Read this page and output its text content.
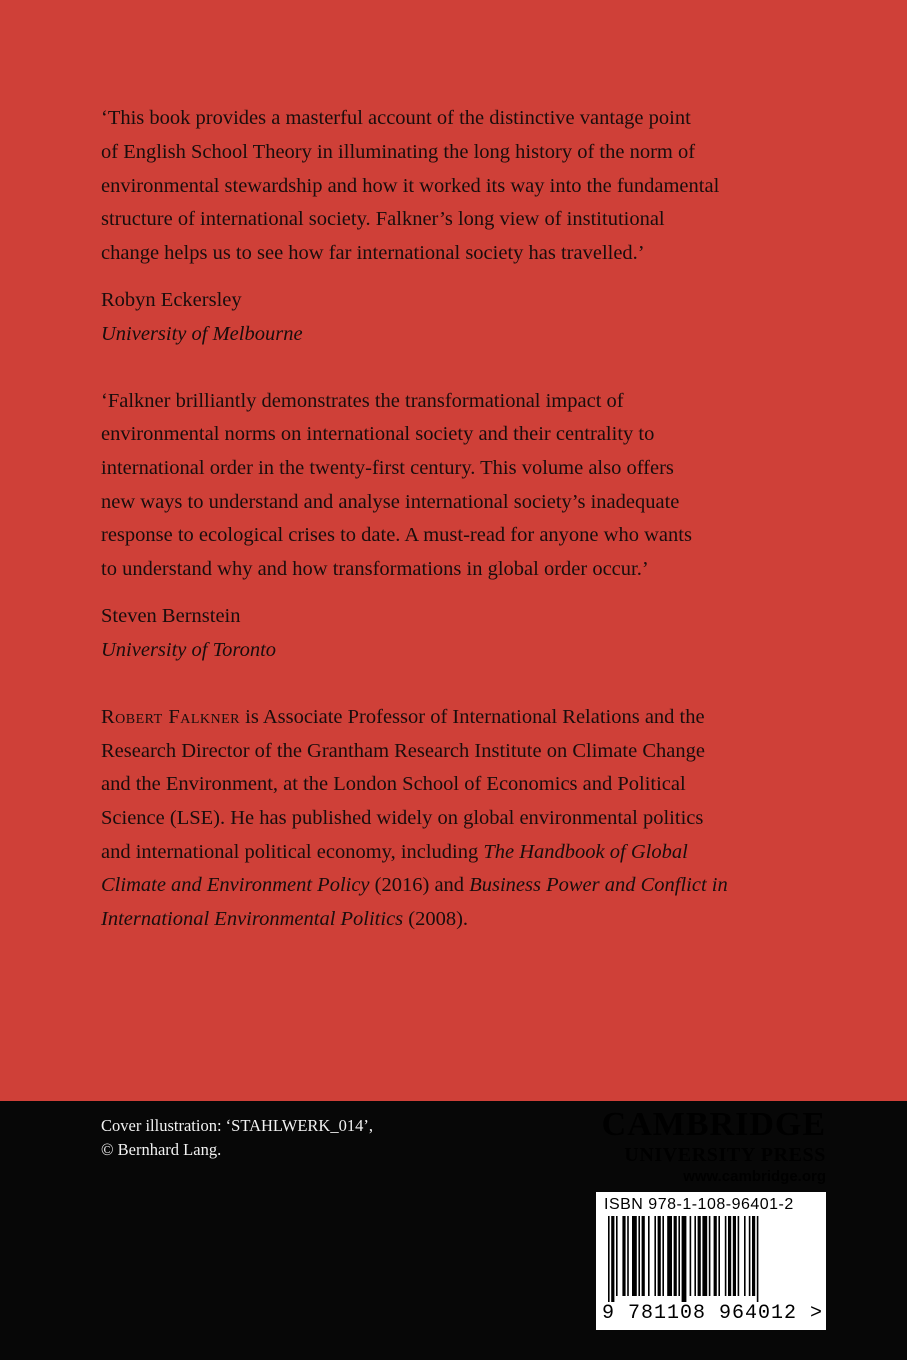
‘This book provides a masterful account of the distinctive vantage point
of English School Theory in illuminating the long history of the norm of
environmental stewardship and how it worked its way into the fundamental
structure of international society. Falkner’s long view of institutional
change helps us to see how far international society has travelled.’
Robyn Eckersley
University of Melbourne
‘Falkner brilliantly demonstrates the transformational impact of
environmental norms on international society and their centrality to
international order in the twenty-first century. This volume also offers
new ways to understand and analyse international society’s inadequate
response to ecological crises to date. A must-read for anyone who wants
to understand why and how transformations in global order occur.’
Steven Bernstein
University of Toronto
Robert Falkner is Associate Professor of International Relations and the
Research Director of the Grantham Research Institute on Climate Change
and the Environment, at the London School of Economics and Political
Science (LSE). He has published widely on global environmental politics
and international political economy, including The Handbook of Global
Climate and Environment Policy (2016) and Business Power and Conflict in
International Environmental Politics (2008).
Cover illustration: ‘STAHLWERK_014’,
© Bernhard Lang.
CAMBRIDGE
UNIVERSITY PRESS
www.cambridge.org
ISBN 978-1-108-96401-2
9 781108 964012 >
